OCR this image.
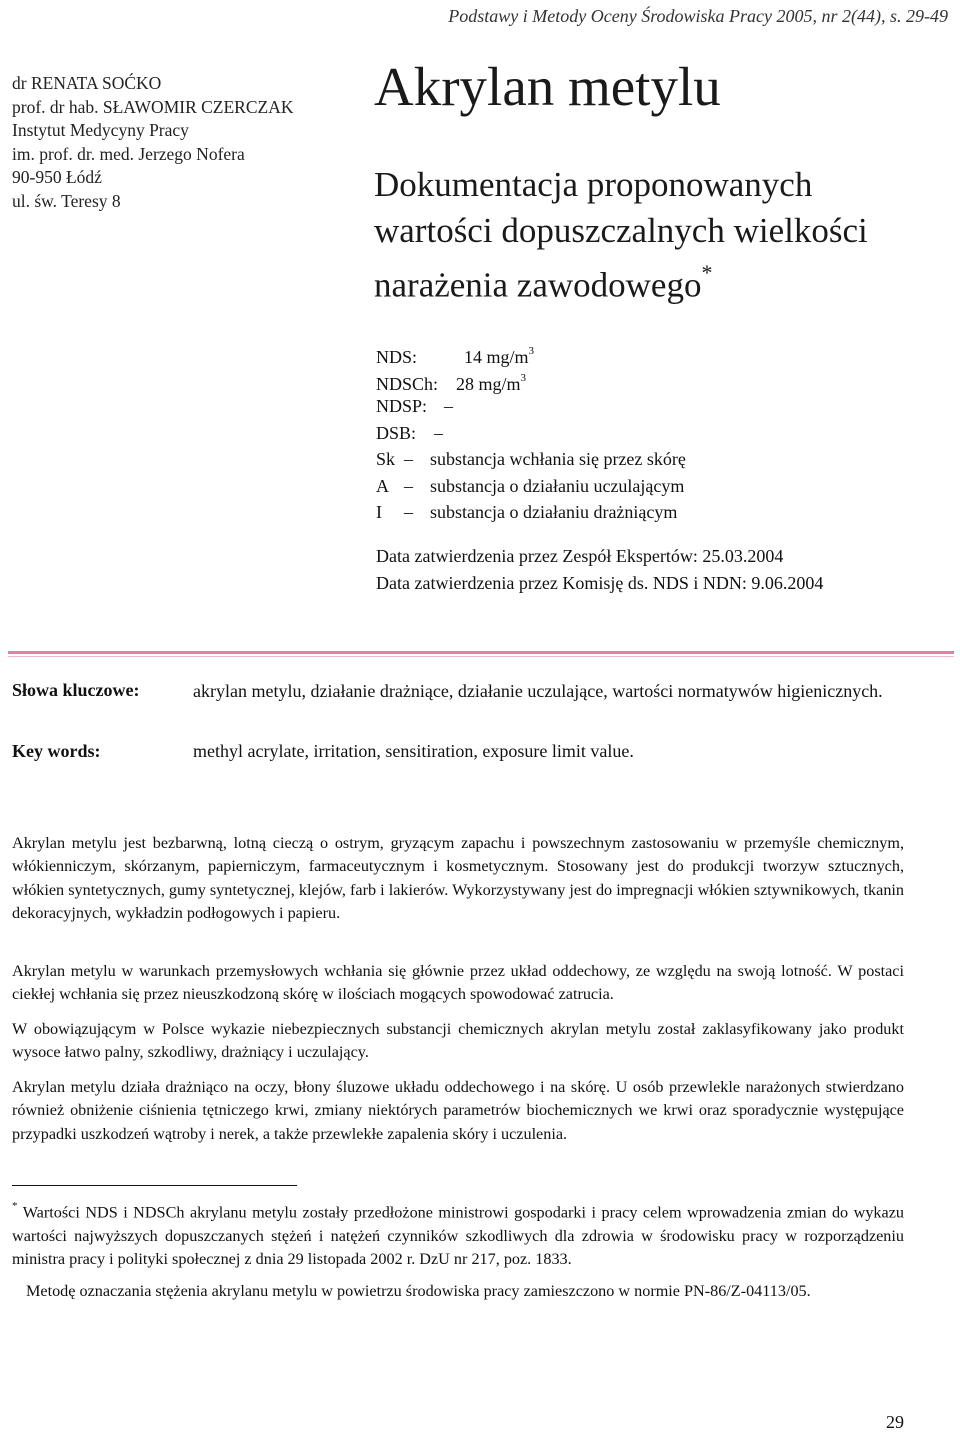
Podstawy i Metody Oceny Środowiska Pracy 2005, nr 2(44), s. 29-49
dr RENATA SOĆKO
prof. dr hab. SŁAWOMIR CZERCZAK
Instytut Medycyny Pracy
im. prof. dr. med. Jerzego Nofera
90-950 Łódź
ul. św. Teresy 8
Akrylan metylu
Dokumentacja proponowanych
wartości dopuszczalnych wielkości
narażenia zawodowego*
NDS:	14 $mg/m^3$
NDSCh: 28 $mg/m^3$
NDSP: –
DSB: –
Sk – substancja wchłania się przez skórę
A – substancja o działaniu uczulającym
I – substancja o działaniu drażniącym
Data zatwierdzenia przez Zespół Ekspertów: 25.03.2004
Data zatwierdzenia przez Komisję ds. NDS i NDN: 9.06.2004
Słowa kluczowe:	akrylan metylu, działanie drażniące, działanie uczulające, wartości normatywów higienicznych.
Key words:	methyl acrylate, irritation, sensitiration, exposure limit value.

Akrylan metylu jest bezbarwną, lotną cieczą o ostrym, gryzącym zapachu i powszechnym zastosowaniu w przemyśle chemicznym, włókienniczym, skórzanym, papierniczym, farmaceutycznym i kosmetycznym. Stosowany jest do produkcji tworzyw sztucznych, włókien syntetycznych, gumy syntetycznej, klejów, farb i lakierów. Wykorzystywany jest do impregnacji włókien sztywnikowych, tkanin dekoracyjnych, wykładzin podłogowych i papieru.

Akrylan metylu w warunkach przemysłowych wchłania się głównie przez układ oddechowy, ze względu na swoją lotność. W postaci ciekłej wchłania się przez nieuszkodzoną skórę w ilościach mogących spowodować zatrucia.

W obowiązującym w Polsce wykazie niebezpiecznych substancji chemicznych akrylan metylu został zaklasyfikowany jako produkt wysoce łatwo palny, szkodliwy, drażniący i uczulający.

Akrylan metylu działa drażniąco na oczy, błony śluzowe układu oddechowego i na skórę. U osób przewlekle narażonych stwierdzano również obniżenie ciśnienia tętniczego krwi, zmiany niektórych parametrów biochemicznych we krwi oraz sporadycznie występujące przypadki uszkodzeń wątroby i nerek, a także przewlekłe zapalenia skóry i uczulenia.

* Wartości NDS i NDSCh akrylanu metylu zostały przedłożone ministrowi gospodarki i pracy celem wprowadzenia zmian do wykazu wartości najwyższych dopuszczanych stężeń i natężeń czynników szkodliwych dla zdrowia w środowisku pracy w rozporządzeniu ministra pracy i polityki społecznej z dnia 29 listopada 2002 r. DzU nr 217, poz. 1833.
Metodę oznaczania stężenia akrylanu metylu w powietrzu środowiska pracy zamieszczono w normie PN-86/Z-04113/05.
29
